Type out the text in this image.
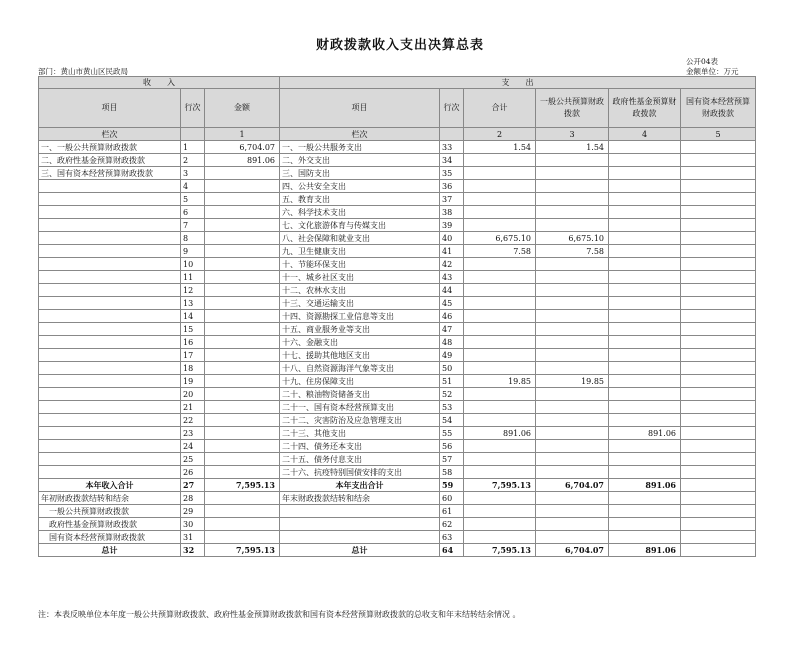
财政拨款收入支出决算总表
公开04表
部门：黄山市黄山区民政局	金额单位：万元
收　　入			支　　出					
项目	行次	金额	项目	行次	合计	一般公共预算财政拨款	政府性基金预算财政拨款	国有资本经营预算财政拨款
栏次		1	栏次		2	3	4	5
一、一般公共预算财政拨款	1	6,704.07	一、一般公共服务支出	33	1.54	1.54		
二、政府性基金预算财政拨款	2	891.06	二、外交支出	34				
三、国有资本经营预算财政拨款	3		三、国防支出	35				
	4		四、公共安全支出	36				
	5		五、教育支出	37				
	6		六、科学技术支出	38				
	7		七、文化旅游体育与传媒支出	39				
	8		八、社会保障和就业支出	40	6,675.10	6,675.10		
	9		九、卫生健康支出	41	7.58	7.58		
	10		十、节能环保支出	42				
	11		十一、城乡社区支出	43				
	12		十二、农林水支出	44				
	13		十三、交通运输支出	45				
	14		十四、资源勘探工业信息等支出	46				
	15		十五、商业服务业等支出	47				
	16		十六、金融支出	48				
	17		十七、援助其他地区支出	49				
	18		十八、自然资源海洋气象等支出	50				
	19		十九、住房保障支出	51	19.85	19.85		
	20		二十、粮油物资储备支出	52				
	21		二十一、国有资本经营预算支出	53				
	22		二十二、灾害防治及应急管理支出	54				
	23		二十三、其他支出	55	891.06		891.06	
	24		二十四、债务还本支出	56				
	25		二十五、债务付息支出	57				
	26		二十六、抗疫特别国债安排的支出	58				
本年收入合计	27	7,595.13	本年支出合计	59	7,595.13	6,704.07	891.06	
年初财政拨款结转和结余	28		年末财政拨款结转和结余	60				
一般公共预算财政拨款	29			61				
政府性基金预算财政拨款	30			62				
国有资本经营预算财政拨款	31			63				
总计	32	7,595.13	总计	64	7,595.13	6,704.07	891.06	
注：本表反映单位本年度一般公共预算财政拨款、政府性基金预算财政拨款和国有资本经营预算财政拨款的总收支和年末结转结余情况 。
